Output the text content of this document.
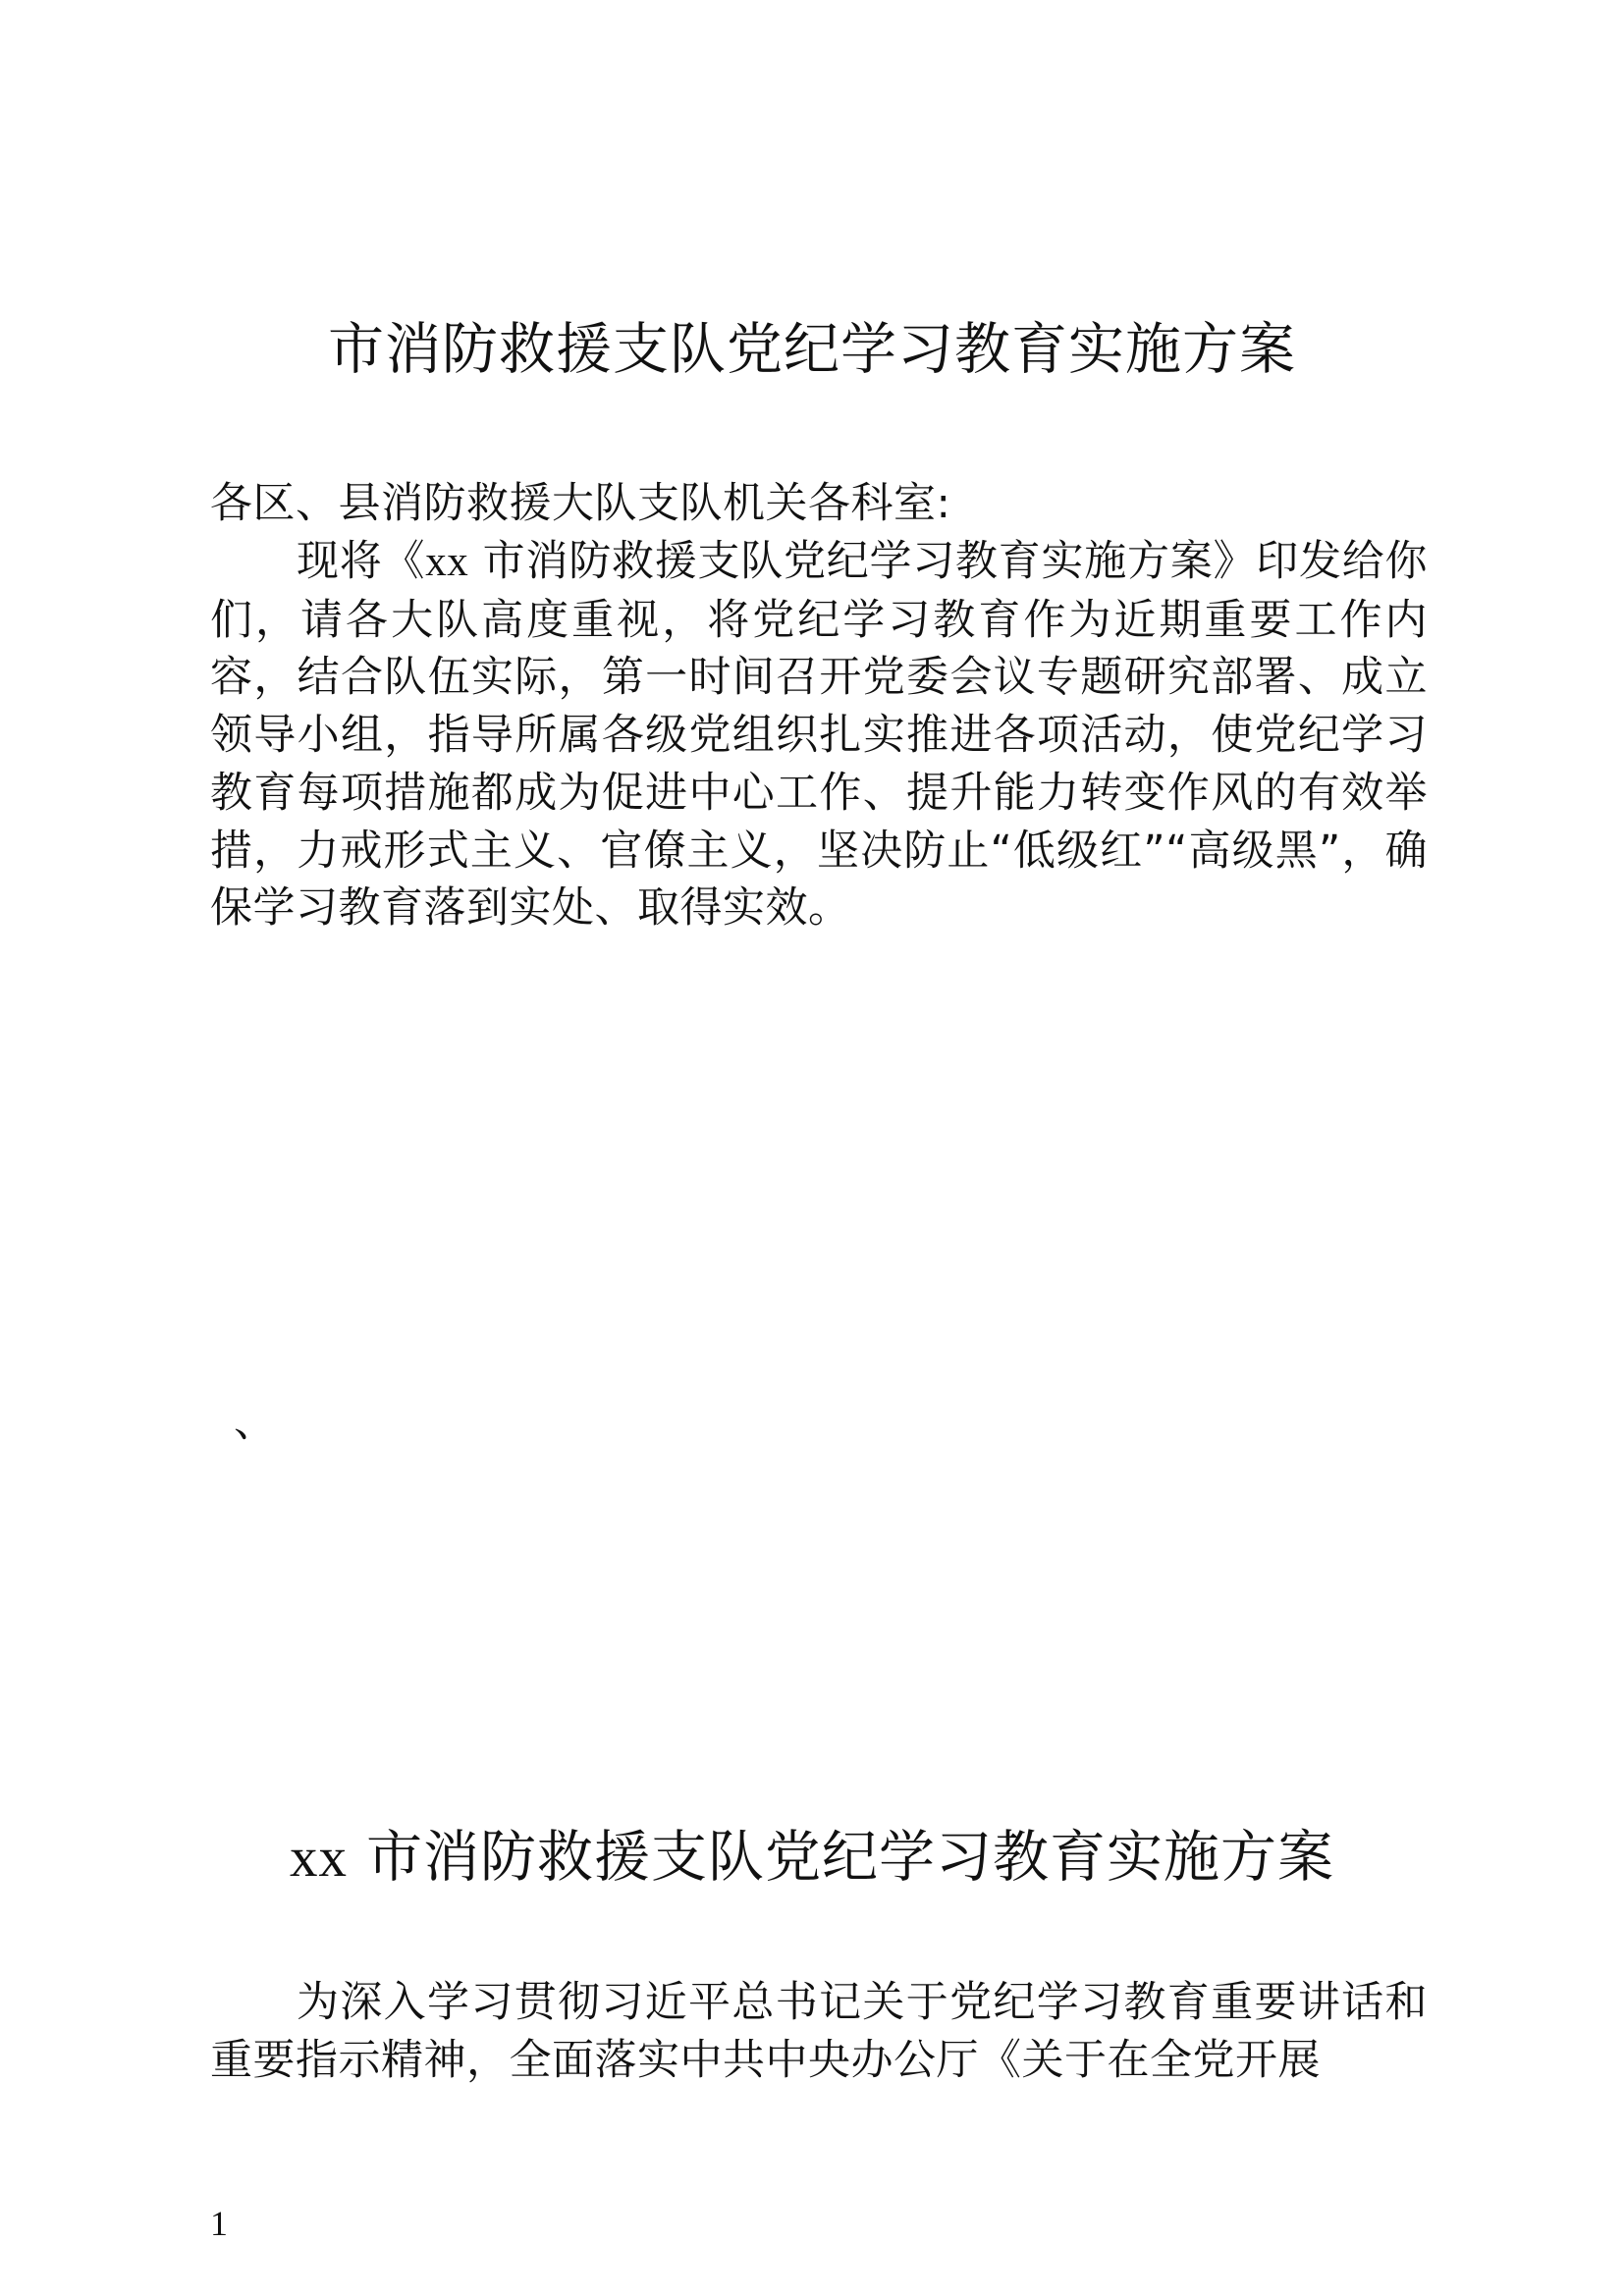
市消防救援支队党纪学习教育实施方案

各区、县消防救援大队支队机关各科室:

现将《xx 市消防救援支队党纪学习教育实施方案》印发给你们，请各大队高度重视，将党纪学习教育作为近期重要工作内容，结合队伍实际，第一时间召开党委会议专题研究部署、成立领导小组，指导所属各级党组织扎实推进各项活动，使党纪学习教育每项措施都成为促进中心工作、提升能力转变作风的有效举措，力戒形式主义、官僚主义，坚决防止“低级红”“高级黑”，确保学习教育落到实处、取得实效。

、
xx 市消防救援支队党纪学习教育实施方案

为深入学习贯彻习近平总书记关于党纪学习教育重要讲话和重要指示精神，全面落实中共中央办公厅《关于在全党开展

1
